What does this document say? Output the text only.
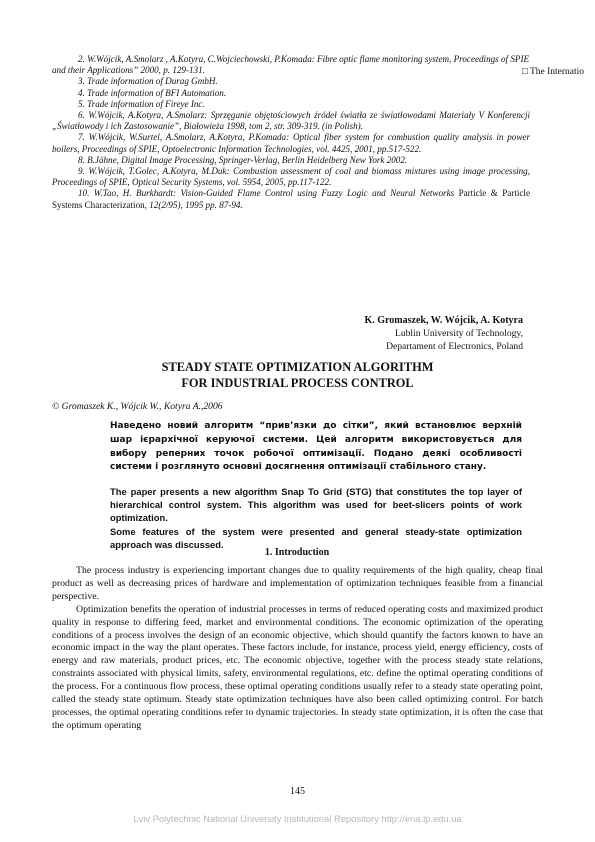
2. W.Wójcik, A.Smolarz , A.Kotyra, C.Wojciechowski, P.Komada: Fibre optic flame monitoring system, Proceedings of SPIE

and their Applications” 2000, p. 129-131.

3. Trade information of Durag GmbH.

4. Trade information of BFI Automation.

5. Trade information of Fireye Inc.

6. W.Wójcik, A.Kotyra, A.Smolarz: Sprzęganie objętościowych źródeł światła ze światłowodami Materiały V Konferencji „Światłowody i ich Zastosowanie”, Białowieża 1998, tom 2, str. 309-319. (in Polish).

7. W.Wójcik, W.Surtel, A.Smolarz, A.Kotyra, P.Komada: Optical fiber system for combustion quality analysis in power boilers, Proceedings of SPIE, Optoelectronic Information Technologies, vol. 4425, 2001, pp.517-522.

8. B.Jähne, Digital Image Processing, Springer-Verlag, Berlin Heidelberg New York 2002.

9. W.Wójcik, T.Golec, A.Kotyra, M.Duk: Combustion assessment of coal and biomass mixtures using image processing, Proceedings of SPIE, Optical Security Systems, vol. 5954, 2005, pp.117-122.

10. W.Tao, H. Burkhardt: Vision-Guided Flame Control using Fuzzy Logic and Neural Networks Particle & Particle Systems Characterization, 12(2/95), 1995 pp. 87-94.

□ The Internatio
K. Gromaszek, W. Wójcik, A. Kotyra
Lublin University of Technology,
Departament of Electronics, Poland
STEADY STATE OPTIMIZATION ALGORITHM
FOR INDUSTRIAL PROCESS CONTROL
© Gromaszek K., Wójcik W., Kotyra A.,2006

Наведено новий алгоритм “прив’язки до сітки”, який встановлює верхній шар ієрархічної керуючої системи. Цей алгоритм використовується для вибору реперних точок робочої оптимізації. Подано деякі особливості системи і розглянуто основні досягнення оптимізації стабільного стану.

The paper presents a new algorithm Snap To Grid (STG) that constitutes the top layer of hierarchical control system. This algorithm was used for beet-slicers points of work optimization.

Some features of the system were presented and general steady-state optimization approach was discussed.

1. Introduction

The process industry is experiencing important changes due to quality requirements of the high quality, cheap final product as well as decreasing prices of hardware and implementation of optimization techniques feasible from a financial perspective.

Optimization benefits the operation of industrial processes in terms of reduced operating costs and maximized product quality in response to differing feed, market and environmental conditions. The economic optimization of the operating conditions of a process involves the design of an economic objective, which should quantify the factors known to have an economic impact in the way the plant operates. These factors include, for instance, process yield, energy efficiency, costs of energy and raw materials, product prices, etc. The economic objective, together with the process steady state relations, constraints associated with physical limits, safety, environmental regulations, etc. define the optimal operating conditions of the process. For a continuous flow process, these optimal operating conditions usually refer to a steady state operating point, called the steady state optimum. Steady state optimization techniques have also been called optimizing control. For batch processes, the optimal operating conditions refer to dynamic trajectories. In steady state optimization, it is often the case that the optimum operating

145
Lviv Polytechnic National University Institutional Repository http://ena.lp.edu.ua
